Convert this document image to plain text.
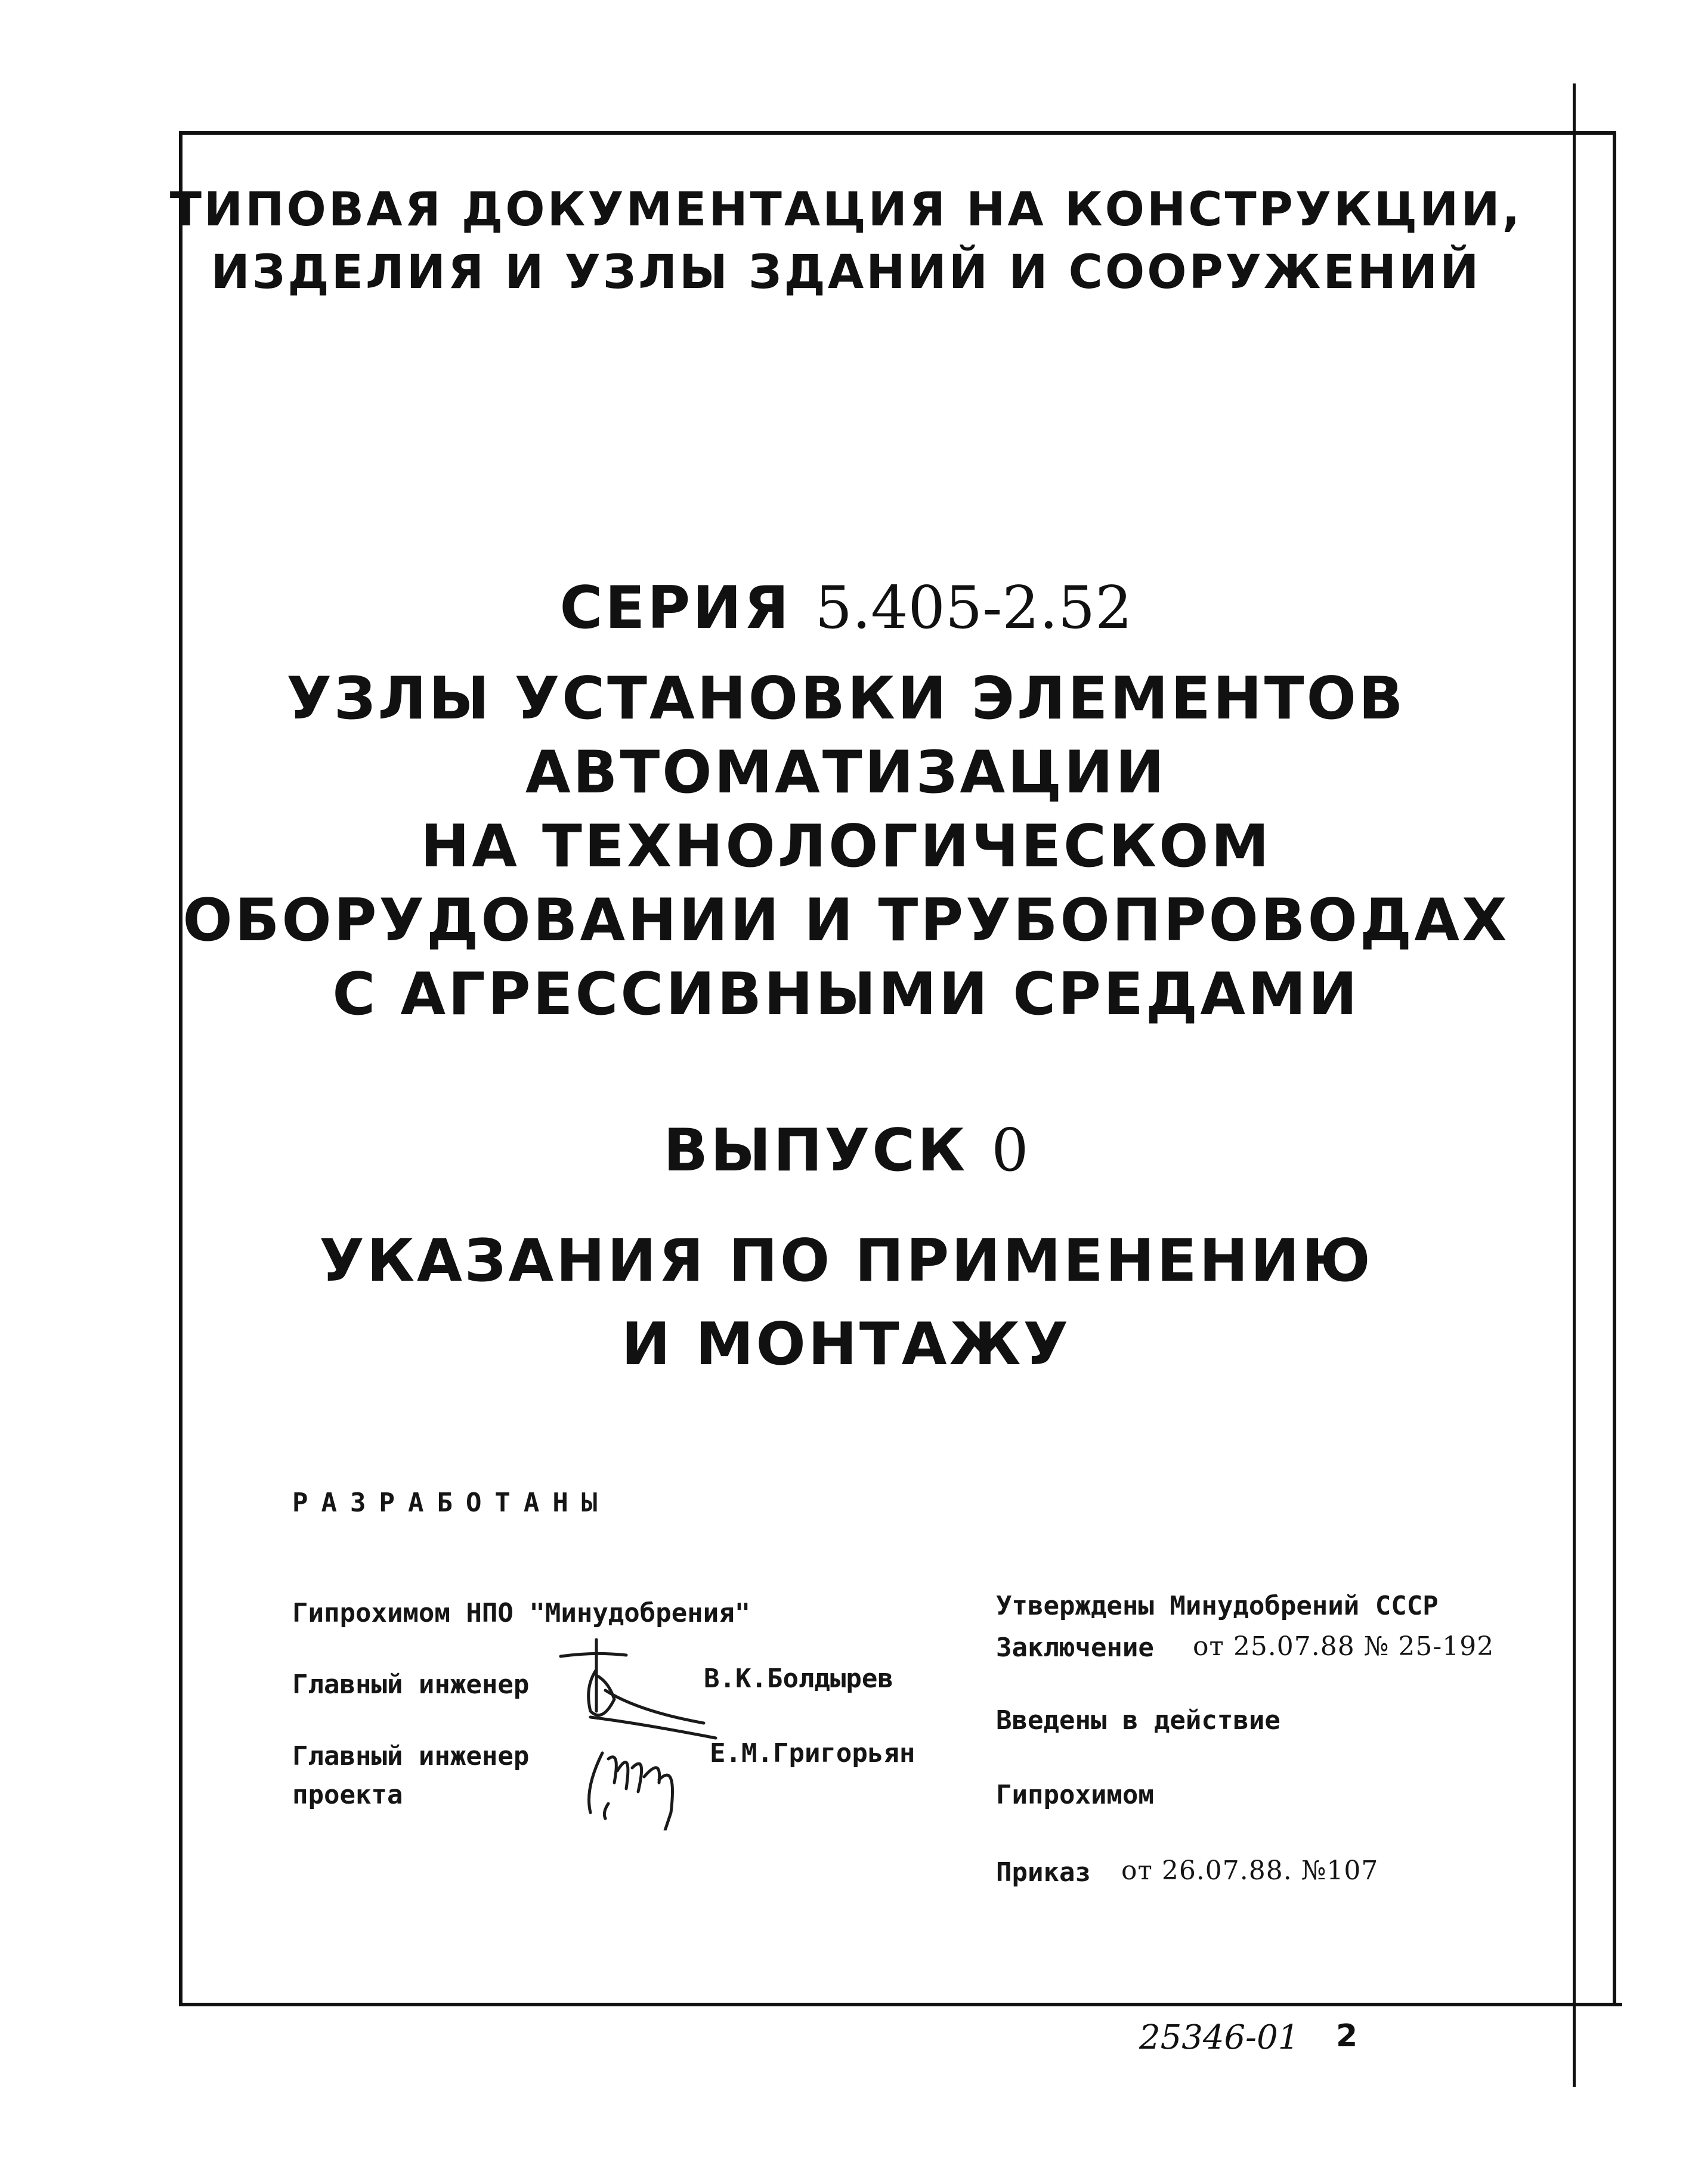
ТИПОВАЯ ДОКУМЕНТАЦИЯ НА КОНСТРУКЦИИ,
ИЗДЕЛИЯ И УЗЛЫ ЗДАНИЙ И СООРУЖЕНИЙ
СЕРИЯ 5.405-2.52
УЗЛЫ УСТАНОВКИ ЭЛЕМЕНТОВ
АВТОМАТИЗАЦИИ
НА ТЕХНОЛОГИЧЕСКОМ
ОБОРУДОВАНИИ И ТРУБОПРОВОДАХ
С АГРЕССИВНЫМИ СРЕДАМИ
ВЫПУСК 0
УКАЗАНИЯ ПО ПРИМЕНЕНИЮ
И МОНТАЖУ
РАЗРАБОТАНЫ
Гипрохимом НПО "Минудобрения"
Главный инженер	В.К.Болдырев
Главный инженер
проекта
Е.М.Григорьян
Утверждены Минудобрений СССР
Заключение от 25.07.88 № 25-192
Введены в действие
Гипрохимом
Приказ от 26.07.88. №107
25346-01 2
